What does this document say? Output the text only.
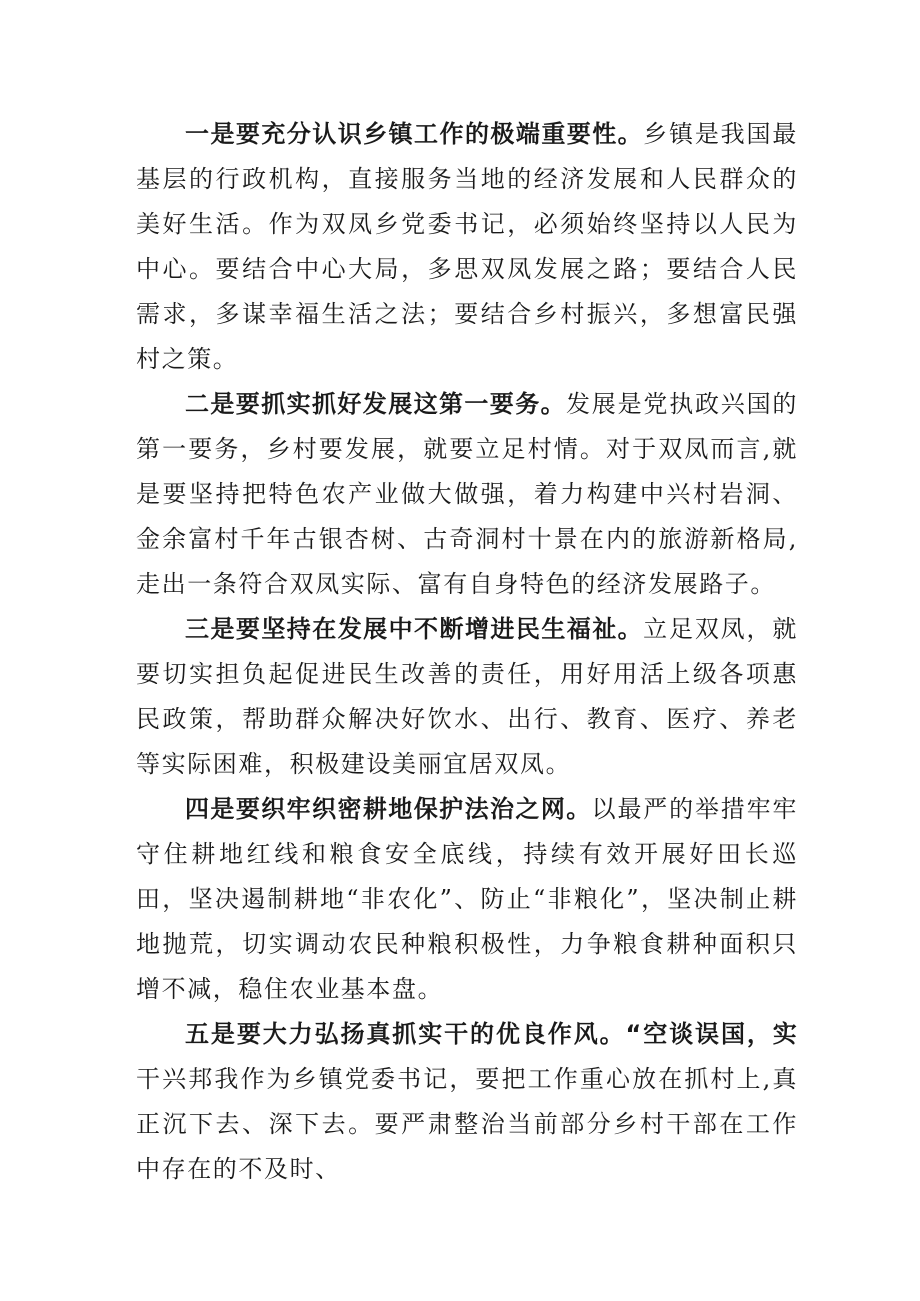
一是要充分认识乡镇工作的极端重要性。乡镇是我国最基层的行政机构，直接服务当地的经济发展和人民群众的美好生活。作为双凤乡党委书记，必须始终坚持以人民为中心。要结合中心大局，多思双凤发展之路；要结合人民需求，多谋幸福生活之法；要结合乡村振兴，多想富民强村之策。

二是要抓实抓好发展这第一要务。发展是党执政兴国的第一要务，乡村要发展，就要立足村情。对于双凤而言,就是要坚持把特色农产业做大做强，着力构建中兴村岩洞、金余富村千年古银杏树、古奇洞村十景在内的旅游新格局,走出一条符合双凤实际、富有自身特色的经济发展路子。

三是要坚持在发展中不断增进民生福祉。立足双凤，就要切实担负起促进民生改善的责任，用好用活上级各项惠民政策，帮助群众解决好饮水、出行、教育、医疗、养老等实际困难，积极建设美丽宜居双凤。

四是要织牢织密耕地保护法治之网。以最严的举措牢牢守住耕地红线和粮食安全底线，持续有效开展好田长巡田，坚决遏制耕地“非农化”、防止“非粮化”，坚决制止耕地抛荒，切实调动农民种粮积极性，力争粮食耕种面积只增不减，稳住农业基本盘。

五是要大力弘扬真抓实干的优良作风。“空谈误国，实干兴邦我作为乡镇党委书记，要把工作重心放在抓村上,真正沉下去、深下去。要严肃整治当前部分乡村干部在工作中存在的不及时、
